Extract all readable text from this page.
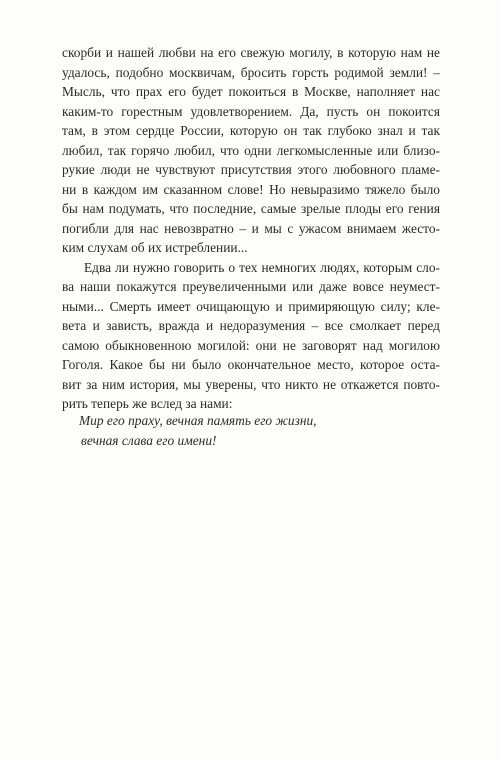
скорби и нашей любви на его свежую могилу, в которую нам не
удалось, подобно москвичам, бросить горсть родимой земли! –
Мысль, что прах его будет покоиться в Москве, наполняет нас
каким-то горестным удовлетворением. Да, пусть он покоится
там, в этом сердце России, которую он так глубоко знал и так
любил, так горячо любил, что одни легкомысленные или близо-
рукие люди не чувствуют присутствия этого любовного пламе-
ни в каждом им сказанном слове! Но невыразимо тяжело было
бы нам подумать, что последние, самые зрелые плоды его гения
погибли для нас невозвратно – и мы с ужасом внимаем жесто-
ким слухам об их истреблении...
Едва ли нужно говорить о тех немногих людях, которым сло-
ва наши покажутся преувеличенными или даже вовсе неумест-
ными... Смерть имеет очищающую и примиряющую силу; кле-
вета и зависть, вражда и недоразумения – все смолкает перед
самою обыкновенною могилой: они не заговорят над могилою
Гоголя. Какое бы ни было окончательное место, которое оста-
вит за ним история, мы уверены, что никто не откажется повто-
рить теперь же вслед за нами:
Мир его праху, вечная память его жизни,
вечная слава его имени!
